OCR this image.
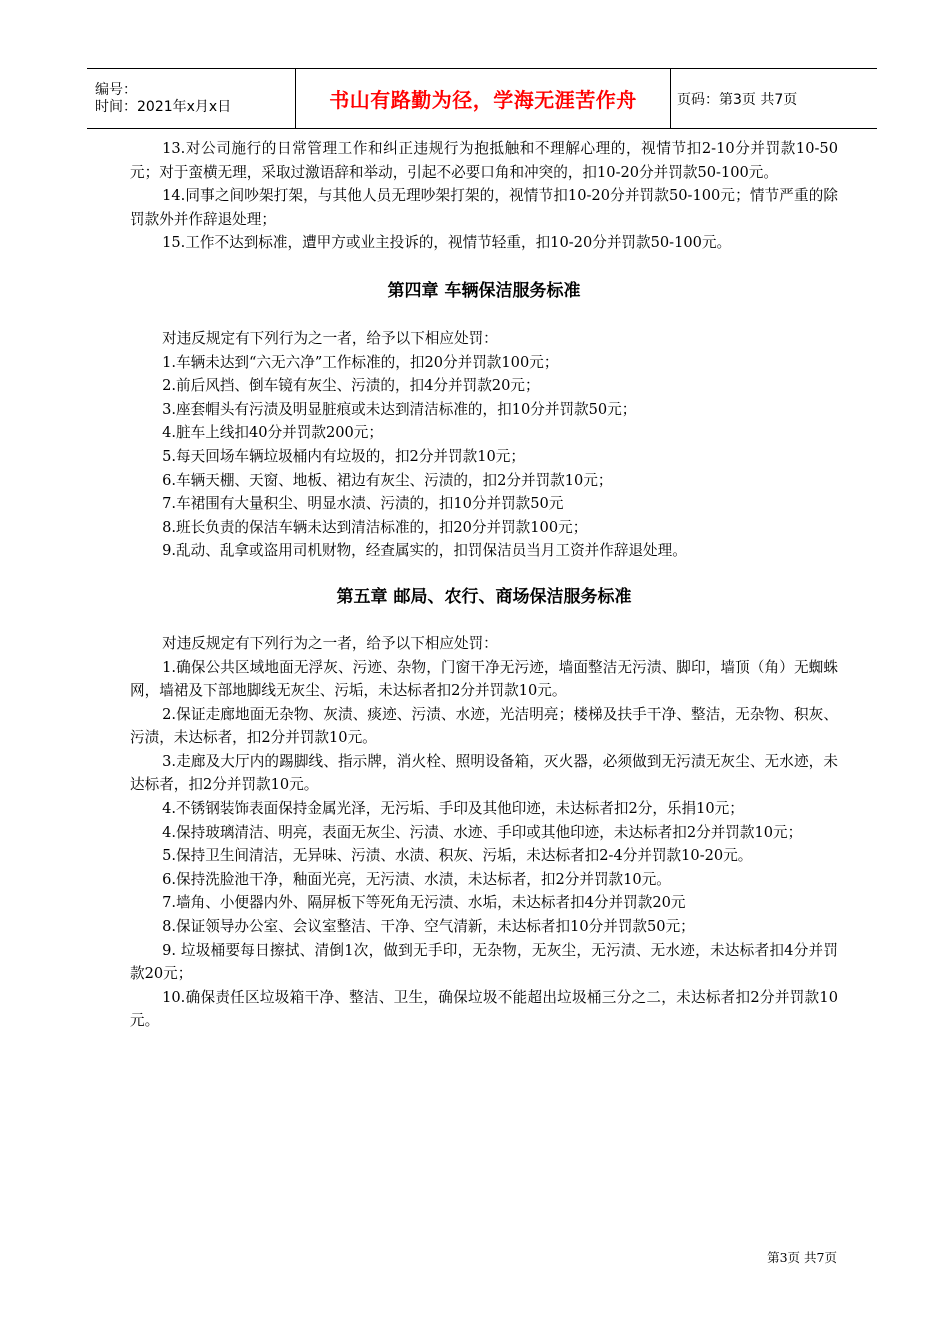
编号：
时间：2021年x月x日	书山有路勤为径，学海无涯苦作舟	页码：第3页 共7页

13.对公司施行的日常管理工作和纠正违规行为抱抵触和不理解心理的，视情节扣2-10分并罚款10-50元；对于蛮横无理，采取过激语辞和举动，引起不必要口角和冲突的，扣10-20分并罚款50-100元。

14.同事之间吵架打架，与其他人员无理吵架打架的，视情节扣10-20分并罚款50-100元；情节严重的除罚款外并作辞退处理；

15.工作不达到标准，遭甲方或业主投诉的，视情节轻重，扣10-20分并罚款50-100元。

第四章 车辆保洁服务标准

对违反规定有下列行为之一者，给予以下相应处罚：

1.车辆未达到“六无六净”工作标准的，扣20分并罚款100元；

2.前后风挡、倒车镜有灰尘、污渍的，扣4分并罚款20元；

3.座套帽头有污渍及明显脏痕或未达到清洁标准的，扣10分并罚款50元；

4.脏车上线扣40分并罚款200元；

5.每天回场车辆垃圾桶内有垃圾的，扣2分并罚款10元；

6.车辆天棚、天窗、地板、裙边有灰尘、污渍的，扣2分并罚款10元；

7.车裙围有大量积尘、明显水渍、污渍的，扣10分并罚款50元

8.班长负责的保洁车辆未达到清洁标准的，扣20分并罚款100元；

9.乱动、乱拿或盗用司机财物，经查属实的，扣罚保洁员当月工资并作辞退处理。

第五章 邮局、农行、商场保洁服务标准

对违反规定有下列行为之一者，给予以下相应处罚：

1.确保公共区域地面无浮灰、污迹、杂物，门窗干净无污迹，墙面整洁无污渍、脚印，墙顶（角）无蜘蛛网，墙裙及下部地脚线无灰尘、污垢，未达标者扣2分并罚款10元。

2.保证走廊地面无杂物、灰渍、痰迹、污渍、水迹，光洁明亮；楼梯及扶手干净、整洁，无杂物、积灰、污渍，未达标者，扣2分并罚款10元。

3.走廊及大厅内的踢脚线、指示牌，消火栓、照明设备箱，灭火器，必须做到无污渍无灰尘、无水迹，未达标者，扣2分并罚款10元。

4.不锈钢装饰表面保持金属光泽，无污垢、手印及其他印迹，未达标者扣2分，乐捐10元；

4.保持玻璃清洁、明亮，表面无灰尘、污渍、水迹、手印或其他印迹，未达标者扣2分并罚款10元；

5.保持卫生间清洁，无异味、污渍、水渍、积灰、污垢，未达标者扣2-4分并罚款10-20元。

6.保持洗脸池干净，釉面光亮，无污渍、水渍，未达标者，扣2分并罚款10元。

7.墙角、小便器内外、隔屏板下等死角无污渍、水垢，未达标者扣4分并罚款20元

8.保证领导办公室、会议室整洁、干净、空气清新，未达标者扣10分并罚款50元；

9. 垃圾桶要每日擦拭、清倒1次，做到无手印，无杂物，无灰尘，无污渍、无水迹，未达标者扣4分并罚款20元；

10.确保责任区垃圾箱干净、整洁、卫生，确保垃圾不能超出垃圾桶三分之二，未达标者扣2分并罚款10元。

第3页 共7页
